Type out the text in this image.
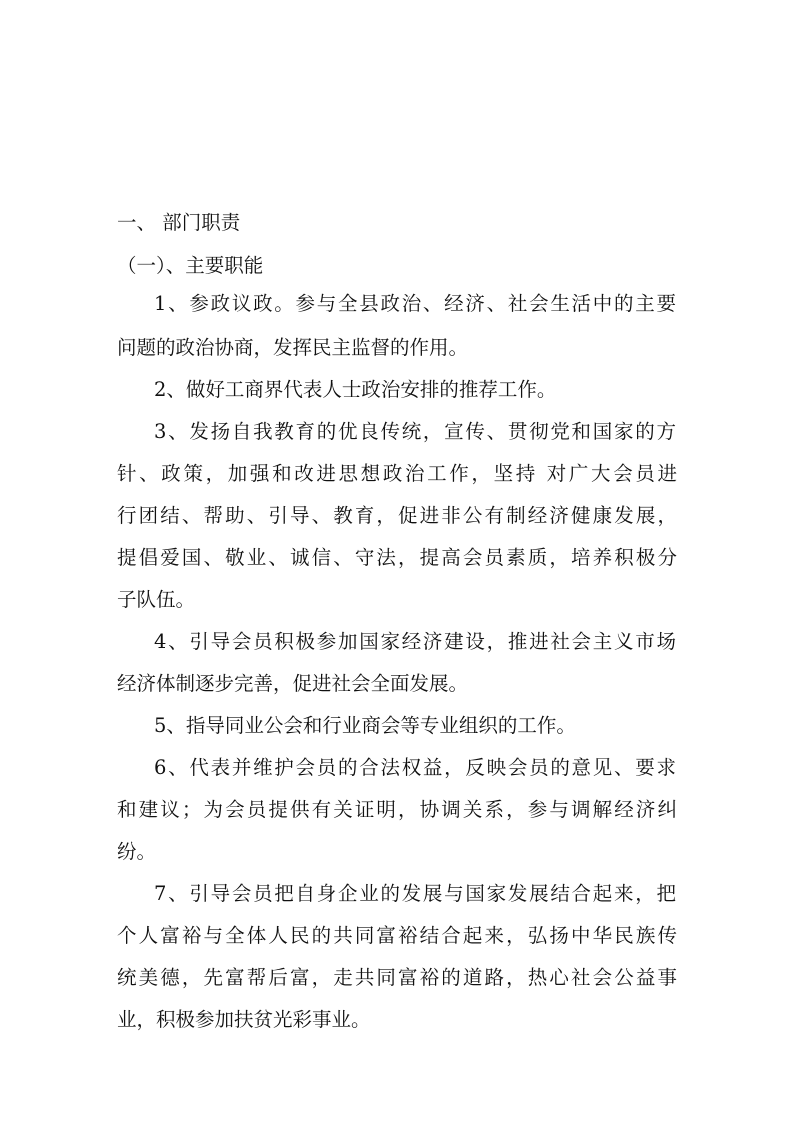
一、 部门职责
（一）、主要职能
1、参政议政。参与全县政治、经济、社会生活中的主要
问题的政治协商，发挥民主监督的作用。
2、做好工商界代表人士政治安排的推荐工作。
3、发扬自我教育的优良传统，宣传、贯彻党和国家的方
针、政策，加强和改进思想政治工作，坚持 对广大会员进
行团结、帮助、引导、教育，促进非公有制经济健康发展，
提倡爱国、敬业、诚信、守法，提高会员素质，培养积极分
子队伍。
4、引导会员积极参加国家经济建设，推进社会主义市场
经济体制逐步完善，促进社会全面发展。
5、指导同业公会和行业商会等专业组织的工作。
6、代表并维护会员的合法权益，反映会员的意见、要求
和建议；为会员提供有关证明，协调关系，参与调解经济纠
纷。
7、引导会员把自身企业的发展与国家发展结合起来，把
个人富裕与全体人民的共同富裕结合起来，弘扬中华民族传
统美德，先富帮后富，走共同富裕的道路，热心社会公益事
业，积极参加扶贫光彩事业。
